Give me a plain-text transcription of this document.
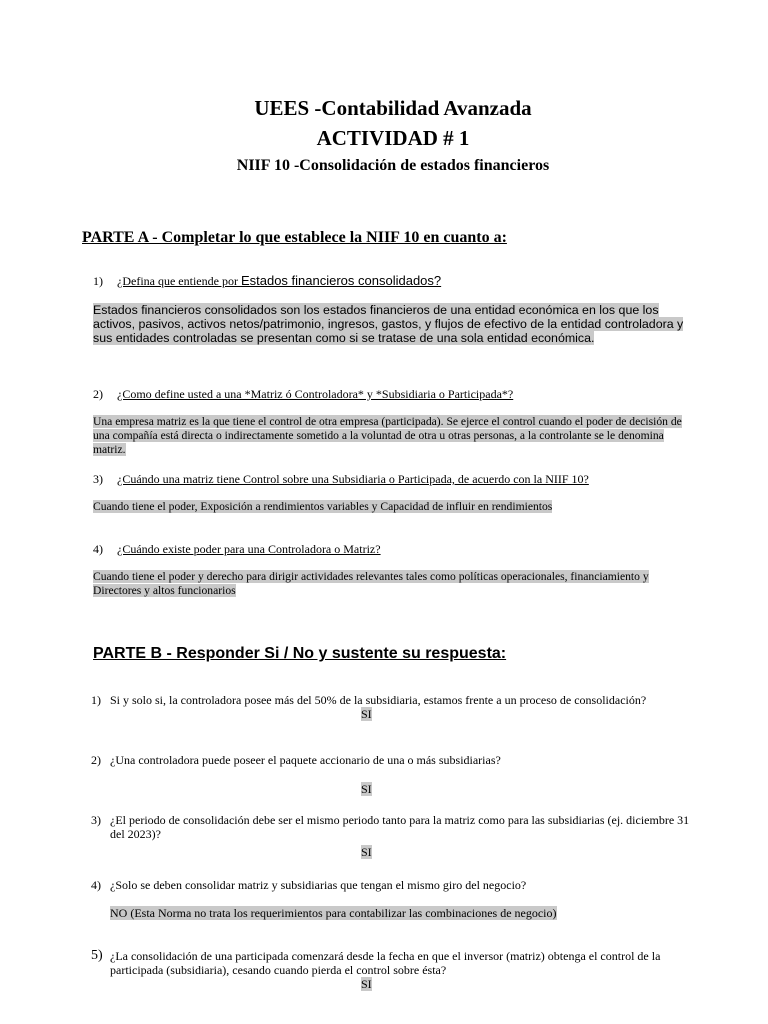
UEES -Contabilidad Avanzada
ACTIVIDAD # 1
NIIF 10 -Consolidación de estados financieros
PARTE A - Completar lo que establece la NIIF 10 en cuanto a:
1) ¿Defina que entiende por Estados financieros consolidados?
Estados financieros consolidados son los estados financieros de una entidad económica en los que los activos, pasivos, activos netos/patrimonio, ingresos, gastos, y flujos de efectivo de la entidad controladora y sus entidades controladas se presentan como si se tratase de una sola entidad económica.
2) ¿Como define usted a una *Matriz ó Controladora* y *Subsidiaria o Participada*?
Una empresa matriz es la que tiene el control de otra empresa (participada). Se ejerce el control cuando el poder de decisión de una compañía está directa o indirectamente sometido a la voluntad de otra u otras personas, a la controlante se le denomina matriz.
3) ¿Cuándo una matriz tiene Control sobre una Subsidiaria o Participada, de acuerdo con la NIIF 10?
Cuando tiene el poder, Exposición a rendimientos variables y Capacidad de influir en rendimientos
4) ¿Cuándo existe poder para una Controladora o Matriz?
Cuando tiene el poder y derecho para dirigir actividades relevantes tales como políticas operacionales, financiamiento y Directores y altos funcionarios
PARTE B - Responder Si / No y sustente su respuesta:
1) Si y solo si, la controladora posee más del 50% de la subsidiaria, estamos frente a un proceso de consolidación?
SI
2) ¿Una controladora puede poseer el paquete accionario de una o más subsidiarias?
SI
3) ¿El periodo de consolidación debe ser el mismo periodo tanto para la matriz como para las subsidiarias (ej. diciembre 31 del 2023)?
SI
4) ¿Solo se deben consolidar matriz y subsidiarias que tengan el mismo giro del negocio?
NO (Esta Norma no trata los requerimientos para contabilizar las combinaciones de negocio)
5) ¿La consolidación de una participada comenzará desde la fecha en que el inversor (matriz) obtenga el control de la participada (subsidiaria), cesando cuando pierda el control sobre ésta?
SI
